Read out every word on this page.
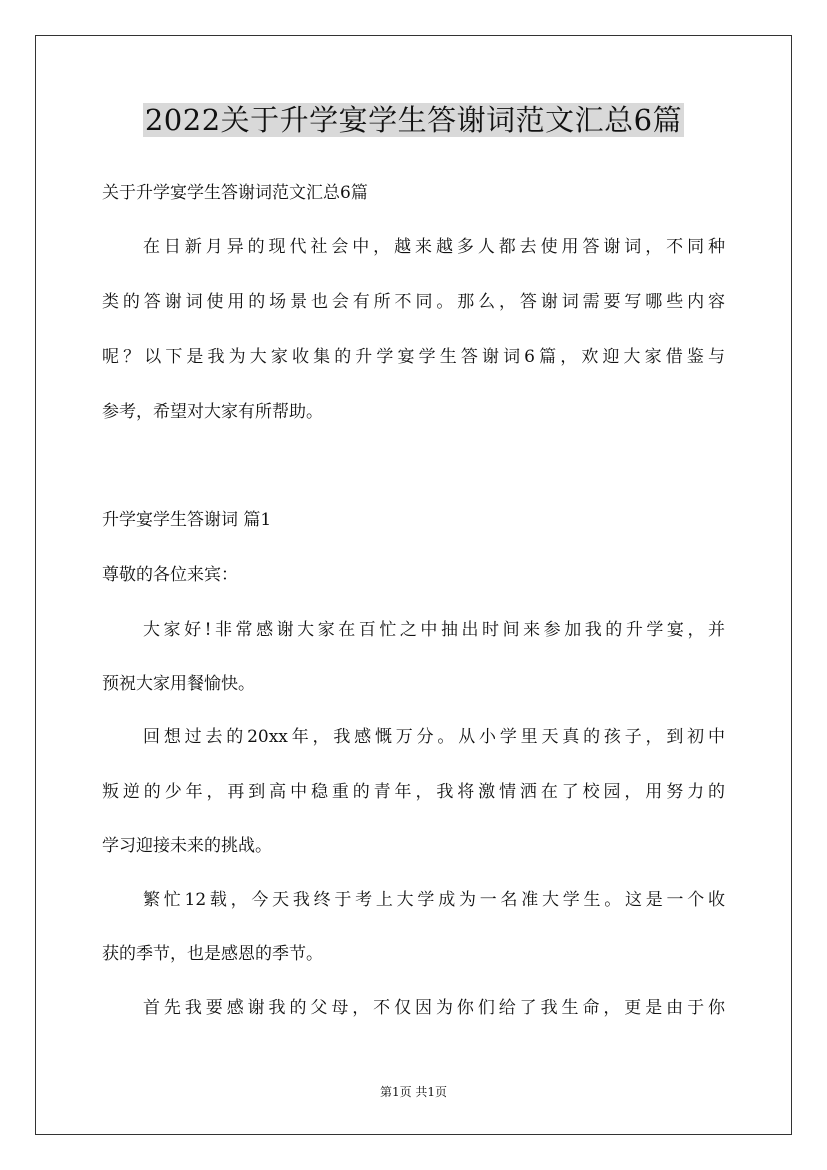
2022关于升学宴学生答谢词范文汇总6篇
关于升学宴学生答谢词范文汇总6篇
在日新月异的现代社会中，越来越多人都去使用答谢词，不同种
类的答谢词使用的场景也会有所不同。那么，答谢词需要写哪些内容
呢？以下是我为大家收集的升学宴学生答谢词6篇，欢迎大家借鉴与
参考，希望对大家有所帮助。
升学宴学生答谢词 篇1
尊敬的各位来宾：
大家好!非常感谢大家在百忙之中抽出时间来参加我的升学宴，并
预祝大家用餐愉快。
回想过去的20xx年，我感慨万分。从小学里天真的孩子，到初中
叛逆的少年，再到高中稳重的青年，我将激情洒在了校园，用努力的
学习迎接未来的挑战。
繁忙12载，今天我终于考上大学成为一名准大学生。这是一个收
获的季节，也是感恩的季节。
首先我要感谢我的父母，不仅因为你们给了我生命，更是由于你
第1页 共1页
